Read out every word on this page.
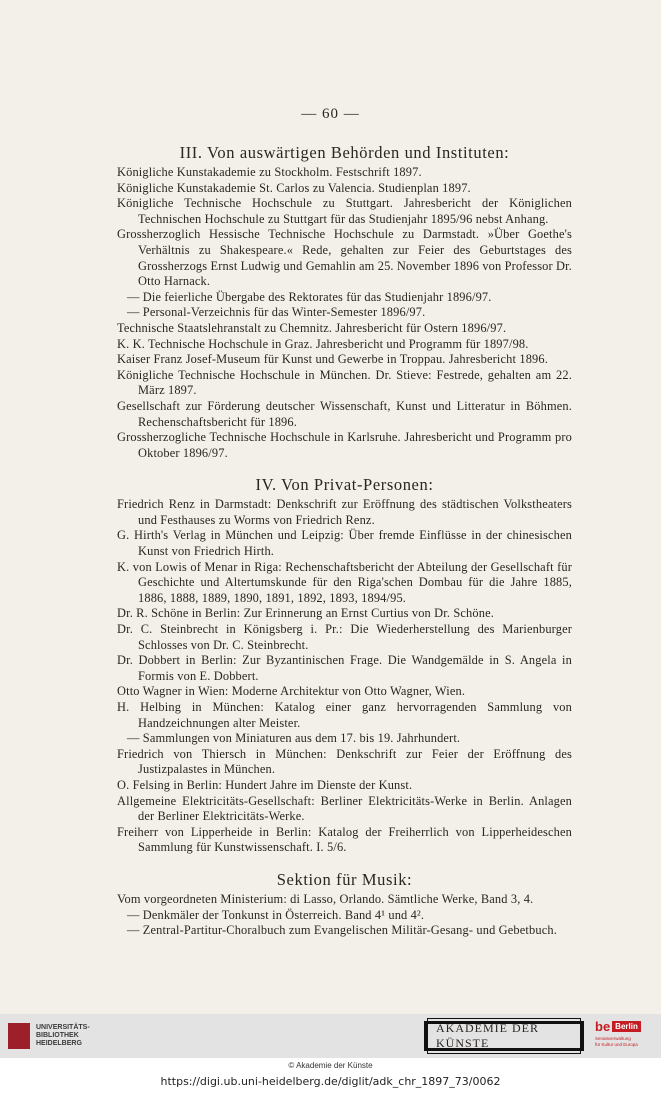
— 60 —
III. Von auswärtigen Behörden und Instituten:
Königliche Kunstakademie zu Stockholm. Festschrift 1897.
Königliche Kunstakademie St. Carlos zu Valencia. Studienplan 1897.
Königliche Technische Hochschule zu Stuttgart. Jahresbericht der Königlichen Technischen Hochschule zu Stuttgart für das Studienjahr 1895/96 nebst Anhang.
Grossherzoglich Hessische Technische Hochschule zu Darmstadt. »Über Goethe's Verhältnis zu Shakespeare.« Rede, gehalten zur Feier des Geburtstages des Grossherzogs Ernst Ludwig und Gemahlin am 25. November 1896 von Professor Dr. Otto Harnack.
— Die feierliche Übergabe des Rektorates für das Studienjahr 1896/97.
— Personal-Verzeichnis für das Winter-Semester 1896/97.
Technische Staatslehranstalt zu Chemnitz. Jahresbericht für Ostern 1896/97.
K. K. Technische Hochschule in Graz. Jahresbericht und Programm für 1897/98.
Kaiser Franz Josef-Museum für Kunst und Gewerbe in Troppau. Jahresbericht 1896.
Königliche Technische Hochschule in München. Dr. Stieve: Festrede, gehalten am 22. März 1897.
Gesellschaft zur Förderung deutscher Wissenschaft, Kunst und Litteratur in Böhmen. Rechenschaftsbericht für 1896.
Grossherzogliche Technische Hochschule in Karlsruhe. Jahresbericht und Programm pro Oktober 1896/97.
IV. Von Privat-Personen:
Friedrich Renz in Darmstadt: Denkschrift zur Eröffnung des städtischen Volkstheaters und Festhauses zu Worms von Friedrich Renz.
G. Hirth's Verlag in München und Leipzig: Über fremde Einflüsse in der chinesischen Kunst von Friedrich Hirth.
K. von Lowis of Menar in Riga: Rechenschaftsbericht der Abteilung der Gesellschaft für Geschichte und Altertumskunde für den Riga'schen Dombau für die Jahre 1885, 1886, 1888, 1889, 1890, 1891, 1892, 1893, 1894/95.
Dr. R. Schöne in Berlin: Zur Erinnerung an Ernst Curtius von Dr. Schöne.
Dr. C. Steinbrecht in Königsberg i. Pr.: Die Wiederherstellung des Marienburger Schlosses von Dr. C. Steinbrecht.
Dr. Dobbert in Berlin: Zur Byzantinischen Frage. Die Wandgemälde in S. Angela in Formis von E. Dobbert.
Otto Wagner in Wien: Moderne Architektur von Otto Wagner, Wien.
H. Helbing in München: Katalog einer ganz hervorragenden Sammlung von Handzeichnungen alter Meister.
— Sammlungen von Miniaturen aus dem 17. bis 19. Jahrhundert.
Friedrich von Thiersch in München: Denkschrift zur Feier der Eröffnung des Justizpalastes in München.
O. Felsing in Berlin: Hundert Jahre im Dienste der Kunst.
Allgemeine Elektricitäts-Gesellschaft: Berliner Elektricitäts-Werke in Berlin. Anlagen der Berliner Elektricitäts-Werke.
Freiherr von Lipperheide in Berlin: Katalog der Freiherrlich von Lipperheideschen Sammlung für Kunstwissenschaft. I. 5/6.
Sektion für Musik:
Vom vorgeordneten Ministerium: di Lasso, Orlando. Sämtliche Werke, Band 3, 4.
— Denkmäler der Tonkunst in Österreich. Band 4¹ und 4².
— Zentral-Partitur-Choralbuch zum Evangelischen Militär-Gesang- und Gebetbuch.
UNIVERSITÄTS-
BIBLIOTHEK
HEIDELBERG
AKADEMIE DER KÜNSTE
be Berlin
Senatsverwaltung
für Kultur und Europa
© Akademie der Künste
https://digi.ub.uni-heidelberg.de/diglit/adk_chr_1897_73/0062
